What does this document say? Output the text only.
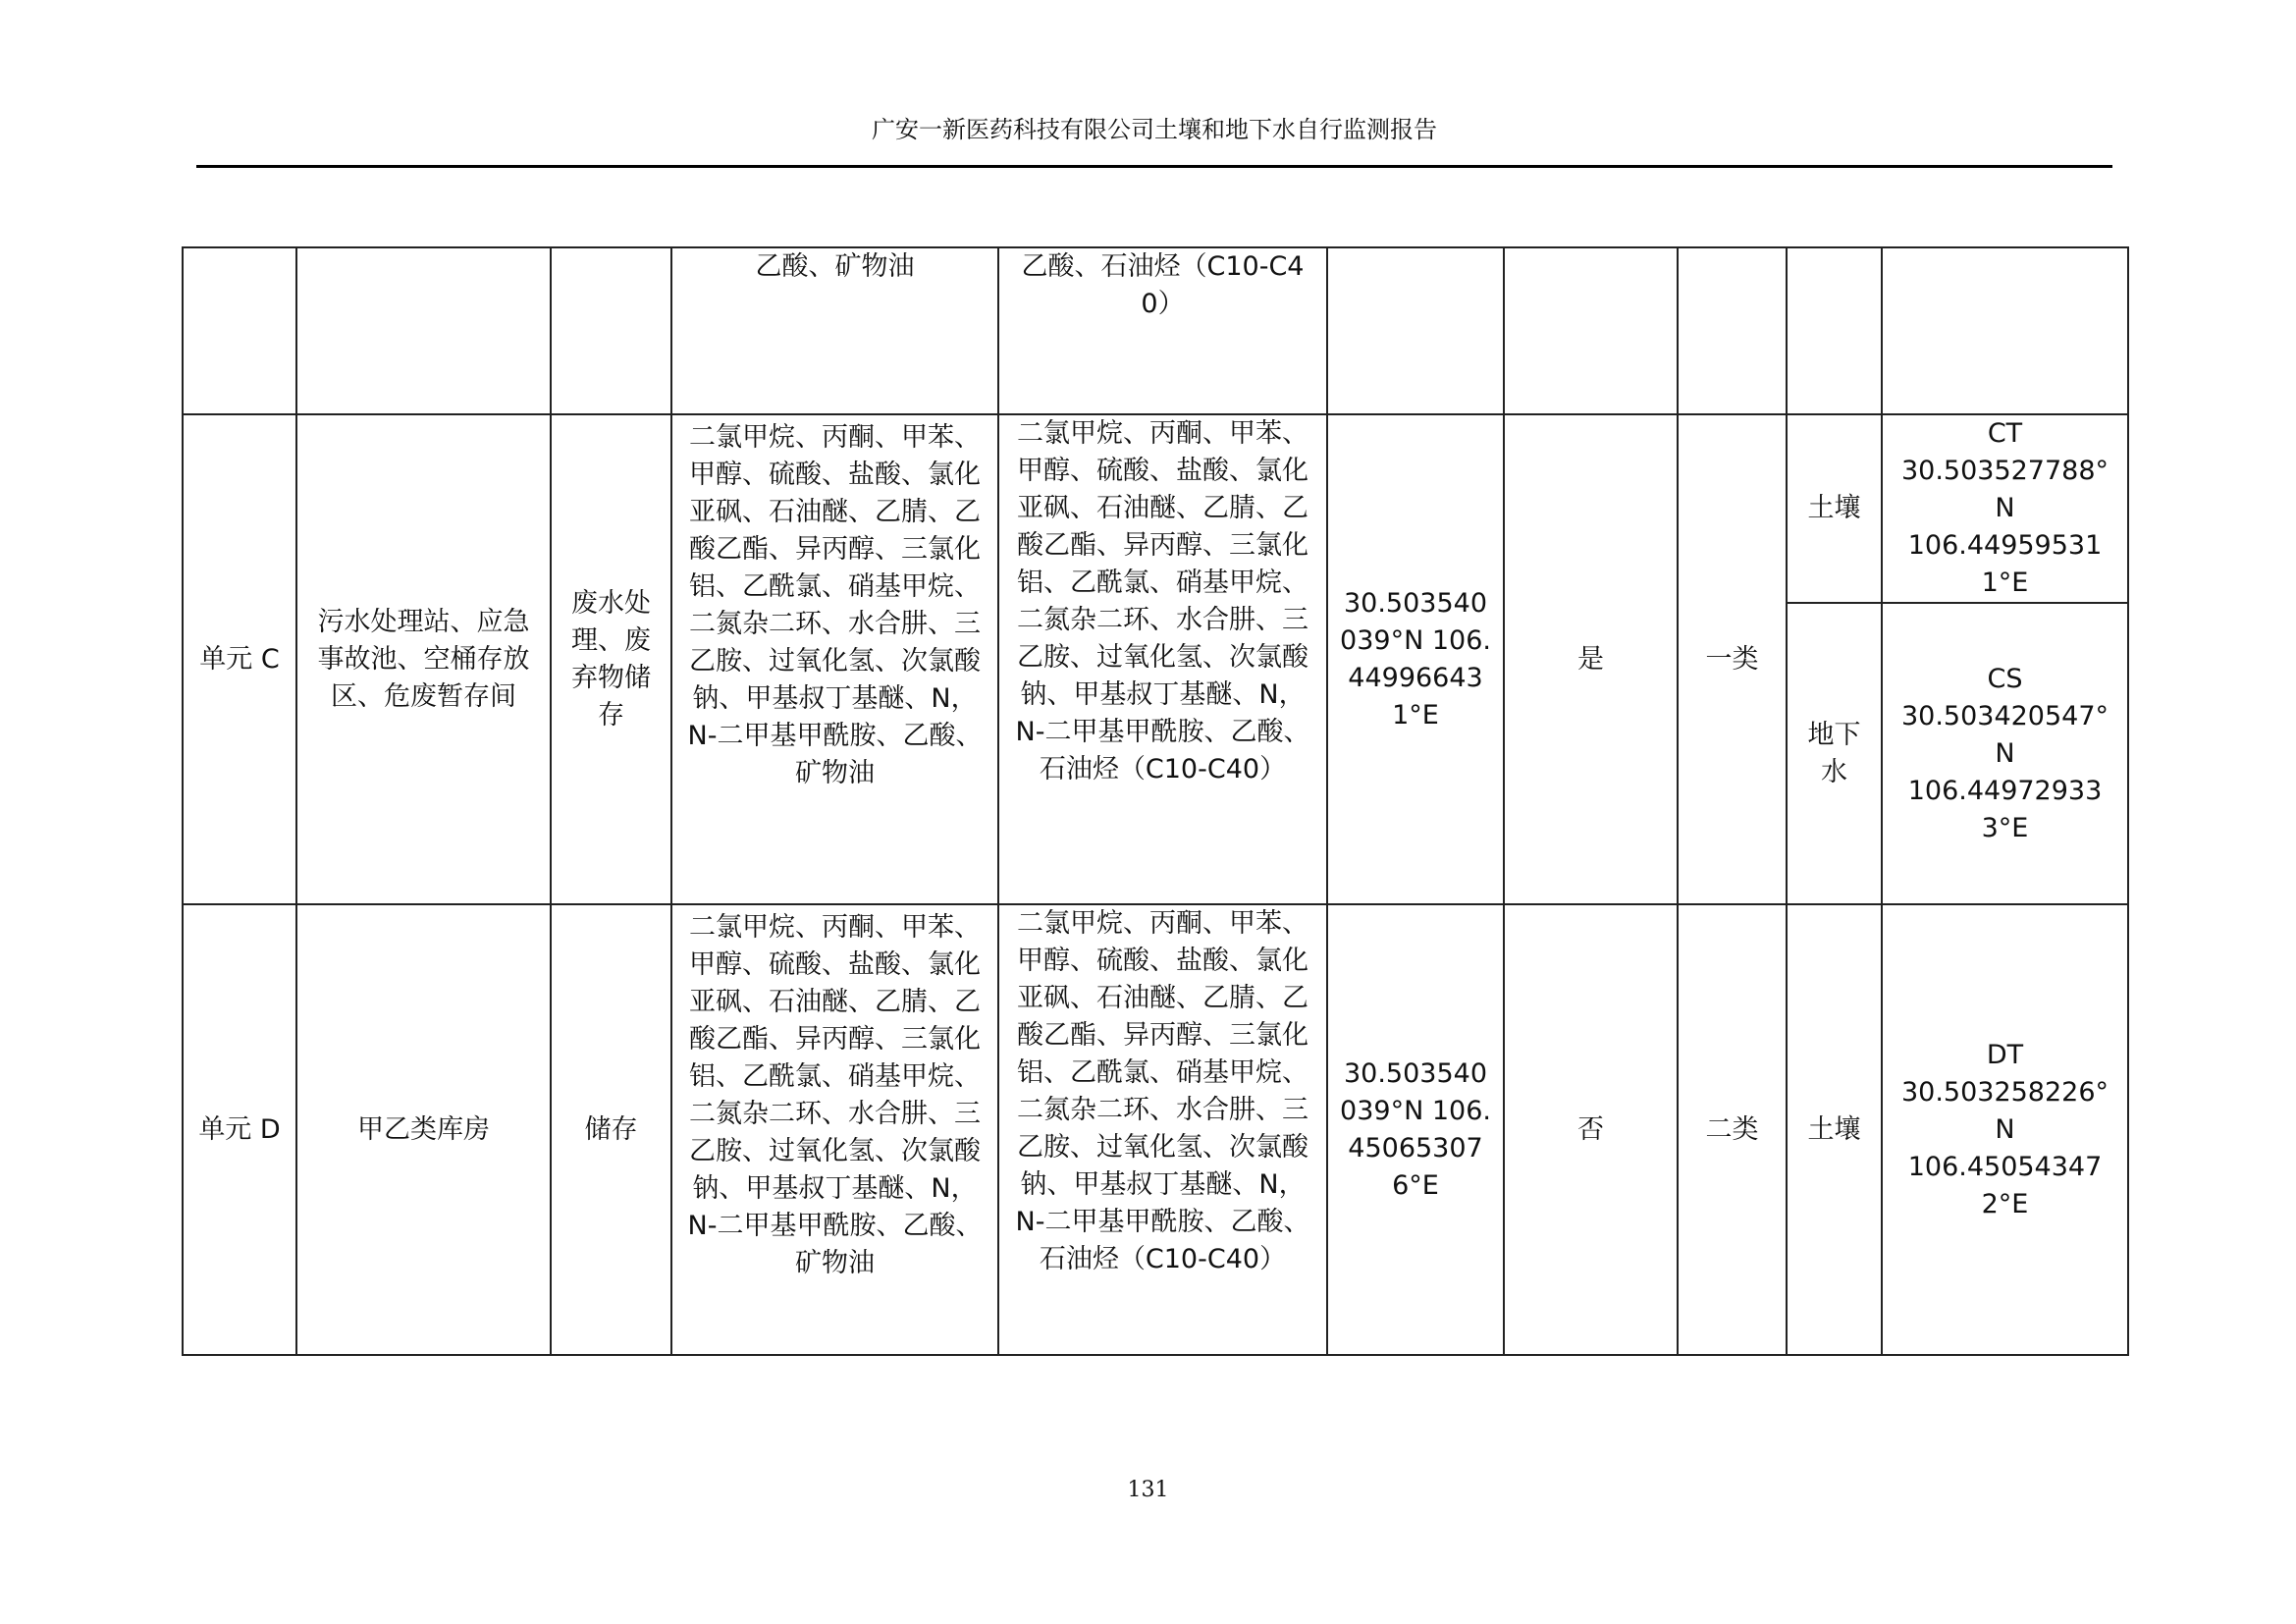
广安一新医药科技有限公司土壤和地下水自行监测报告
			乙酸、矿物油	乙酸、石油烃（C10-C40）					
单元 C	污水处理站、应急事故池、空桶存放区、危废暂存间	废水处理、废弃物储存	二氯甲烷、丙酮、甲苯、甲醇、硫酸、盐酸、氯化亚砜、石油醚、乙腈、乙酸乙酯、异丙醇、三氯化铝、乙酰氯、硝基甲烷、二氮杂二环、水合肼、三乙胺、过氧化氢、次氯酸钠、甲基叔丁基醚、N，N-二甲基甲酰胺、乙酸、矿物油	二氯甲烷、丙酮、甲苯、甲醇、硫酸、盐酸、氯化亚砜、石油醚、乙腈、乙酸乙酯、异丙醇、三氯化铝、乙酰氯、硝基甲烷、二氮杂二环、水合肼、三乙胺、过氧化氢、次氯酸钠、甲基叔丁基醚、N，N-二甲基甲酰胺、乙酸、石油烃（C10-C40）	30.503540039°N 106.449966431°E	是	一类	土壤	CT
30.503527788°N
106.449595311°E

								地下水	CS
30.503420547°N
106.449729333°E

单元 D	甲乙类库房	储存	二氯甲烷、丙酮、甲苯、甲醇、硫酸、盐酸、氯化亚砜、石油醚、乙腈、乙酸乙酯、异丙醇、三氯化铝、乙酰氯、硝基甲烷、二氮杂二环、水合肼、三乙胺、过氧化氢、次氯酸钠、甲基叔丁基醚、N，N-二甲基甲酰胺、乙酸、矿物油	二氯甲烷、丙酮、甲苯、甲醇、硫酸、盐酸、氯化亚砜、石油醚、乙腈、乙酸乙酯、异丙醇、三氯化铝、乙酰氯、硝基甲烷、二氮杂二环、水合肼、三乙胺、过氧化氢、次氯酸钠、甲基叔丁基醚、N，N-二甲基甲酰胺、乙酸、石油烃（C10-C40）	30.503540039°N 106.450653076°E	否	二类	土壤	DT
30.503258226°N
106.450543472°E
131
